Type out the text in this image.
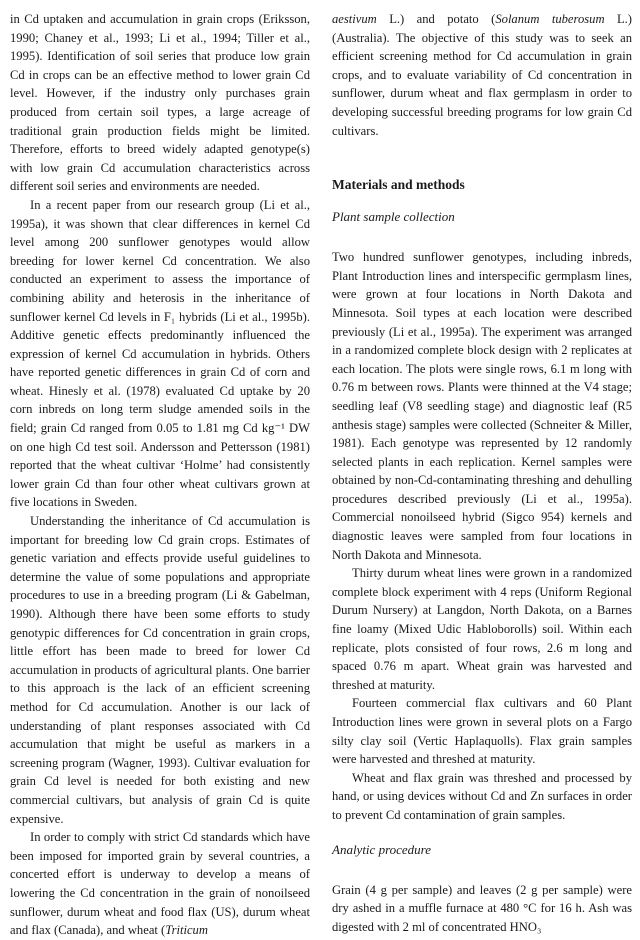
in Cd uptaken and accumulation in grain crops (Eriksson, 1990; Chaney et al., 1993; Li et al., 1994; Tiller et al., 1995). Identification of soil series that produce low grain Cd in crops can be an effective method to lower grain Cd level. However, if the industry only purchases grain produced from certain soil types, a large acreage of traditional grain production fields might be limited. Therefore, efforts to breed widely adapted genotype(s) with low grain Cd accumulation characteristics across different soil series and environments are needed.

In a recent paper from our research group (Li et al., 1995a), it was shown that clear differences in kernel Cd level among 200 sunflower genotypes would allow breeding for lower kernel Cd concentration. We also conducted an experiment to assess the importance of combining ability and heterosis in the inheritance of sunflower kernel Cd levels in F₁ hybrids (Li et al., 1995b). Additive genetic effects predominantly influenced the expression of kernel Cd accumulation in hybrids. Others have reported genetic differences in grain Cd of corn and wheat. Hinesly et al. (1978) evaluated Cd uptake by 20 corn inbreds on long term sludge amended soils in the field; grain Cd ranged from 0.05 to 1.81 mg Cd kg⁻¹ DW on one high Cd test soil. Andersson and Pettersson (1981) reported that the wheat cultivar ‘Holme’ had consistently lower grain Cd than four other wheat cultivars grown at five locations in Sweden.

Understanding the inheritance of Cd accumulation is important for breeding low Cd grain crops. Estimates of genetic variation and effects provide useful guidelines to determine the value of some populations and appropriate procedures to use in a breeding program (Li & Gabelman, 1990). Although there have been some efforts to study genotypic differences for Cd concentration in grain crops, little effort has been made to breed for lower Cd accumulation in products of agricultural plants. One barrier to this approach is the lack of an efficient screening method for Cd accumulation. Another is our lack of understanding of plant responses associated with Cd accumulation that might be useful as markers in a screening program (Wagner, 1993). Cultivar evaluation for grain Cd level is needed for both existing and new commercial cultivars, but analysis of grain Cd is quite expensive.

In order to comply with strict Cd standards which have been imposed for imported grain by several countries, a concerted effort is underway to develop a means of lowering the Cd concentration in the grain of nonoilseed sunflower, durum wheat and food flax (US), durum wheat and flax (Canada), and wheat (Triticum

aestivum L.) and potato (Solanum tuberosum L.) (Australia). The objective of this study was to seek an efficient screening method for Cd accumulation in grain crops, and to evaluate variability of Cd concentration in sunflower, durum wheat and flax germplasm in order to developing successful breeding programs for low grain Cd cultivars.

Materials and methods
Plant sample collection

Two hundred sunflower genotypes, including inbreds, Plant Introduction lines and interspecific germplasm lines, were grown at four locations in North Dakota and Minnesota. Soil types at each location were described previously (Li et al., 1995a). The experiment was arranged in a randomized complete block design with 2 replicates at each location. The plots were single rows, 6.1 m long with 0.76 m between rows. Plants were thinned at the V4 stage; seedling leaf (V8 seedling stage) and diagnostic leaf (R5 anthesis stage) samples were collected (Schneiter & Miller, 1981). Each genotype was represented by 12 randomly selected plants in each replication. Kernel samples were obtained by non-Cd-contaminating threshing and dehulling procedures described previously (Li et al., 1995a). Commercial nonoilseed hybrid (Sigco 954) kernels and diagnostic leaves were sampled from four locations in North Dakota and Minnesota.

Thirty durum wheat lines were grown in a randomized complete block experiment with 4 reps (Uniform Regional Durum Nursery) at Langdon, North Dakota, on a Barnes fine loamy (Mixed Udic Habloborolls) soil. Within each replicate, plots consisted of four rows, 2.6 m long and spaced 0.76 m apart. Wheat grain was harvested and threshed at maturity.

Fourteen commercial flax cultivars and 60 Plant Introduction lines were grown in several plots on a Fargo silty clay soil (Vertic Haplaquolls). Flax grain samples were harvested and threshed at maturity.

Wheat and flax grain was threshed and processed by hand, or using devices without Cd and Zn surfaces in order to prevent Cd contamination of grain samples.

Analytic procedure

Grain (4 g per sample) and leaves (2 g per sample) were dry ashed in a muffle furnace at 480 °C for 16 h. Ash was digested with 2 ml of concentrated HNO₃
